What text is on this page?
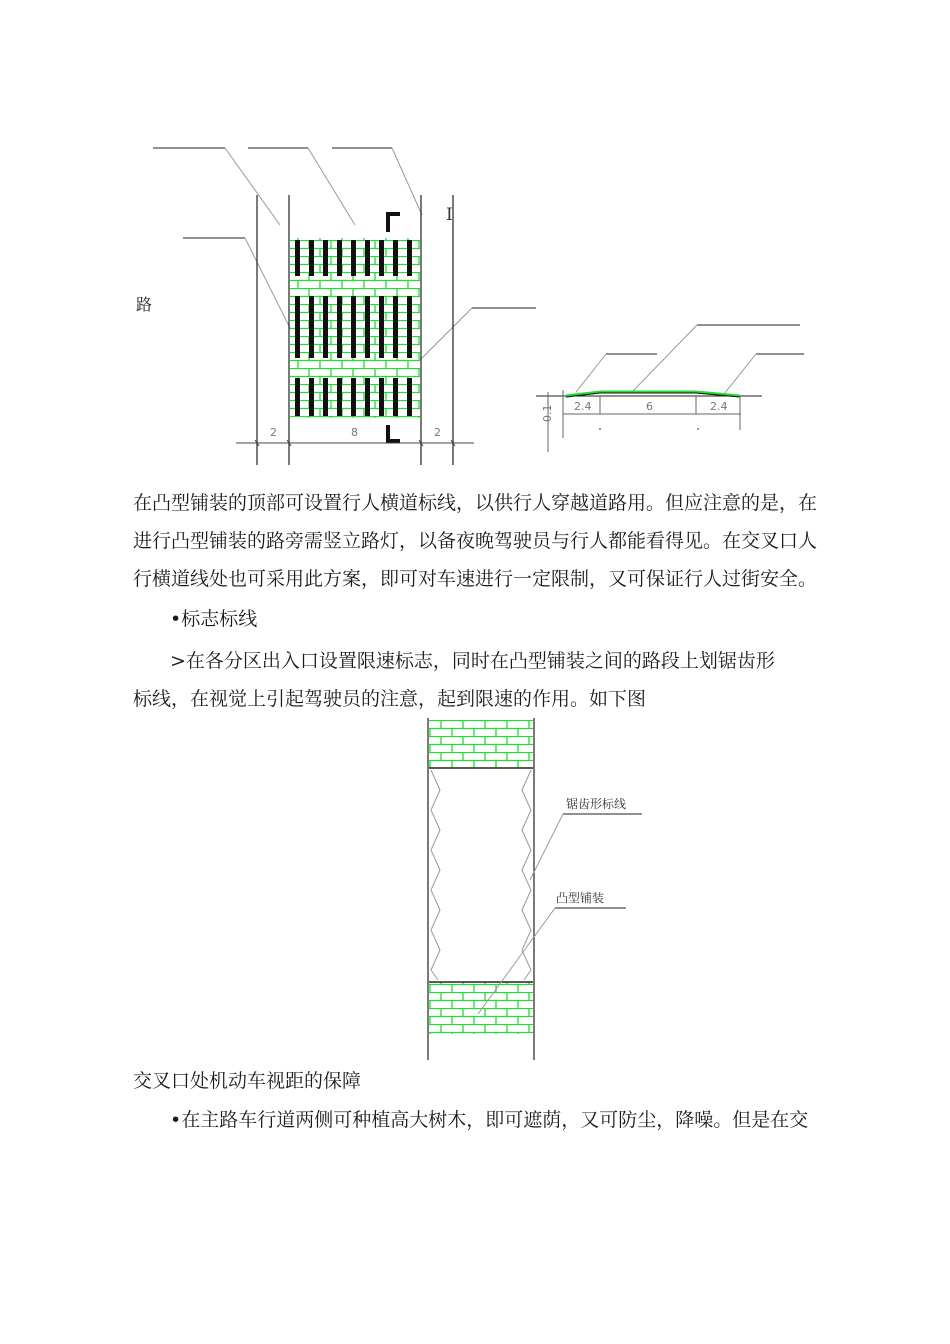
路
I
2	8	2
2.4	6	2.4
0.1
锯齿形标线
凸型铺装
在凸型铺装的顶部可设置行人横道标线，以供行人穿越道路用。但应注意的是，在
进行凸型铺装的路旁需竖立路灯，以备夜晚驾驶员与行人都能看得见。在交叉口人
行横道线处也可采用此方案，即可对车速进行一定限制，又可保证行人过街安全。
•标志标线
>在各分区出入口设置限速标志，同时在凸型铺装之间的路段上划锯齿形
标线，在视觉上引起驾驶员的注意，起到限速的作用。如下图
交叉口处机动车视距的保障
•在主路车行道两侧可种植高大树木，即可遮荫，又可防尘，降噪。但是在交
